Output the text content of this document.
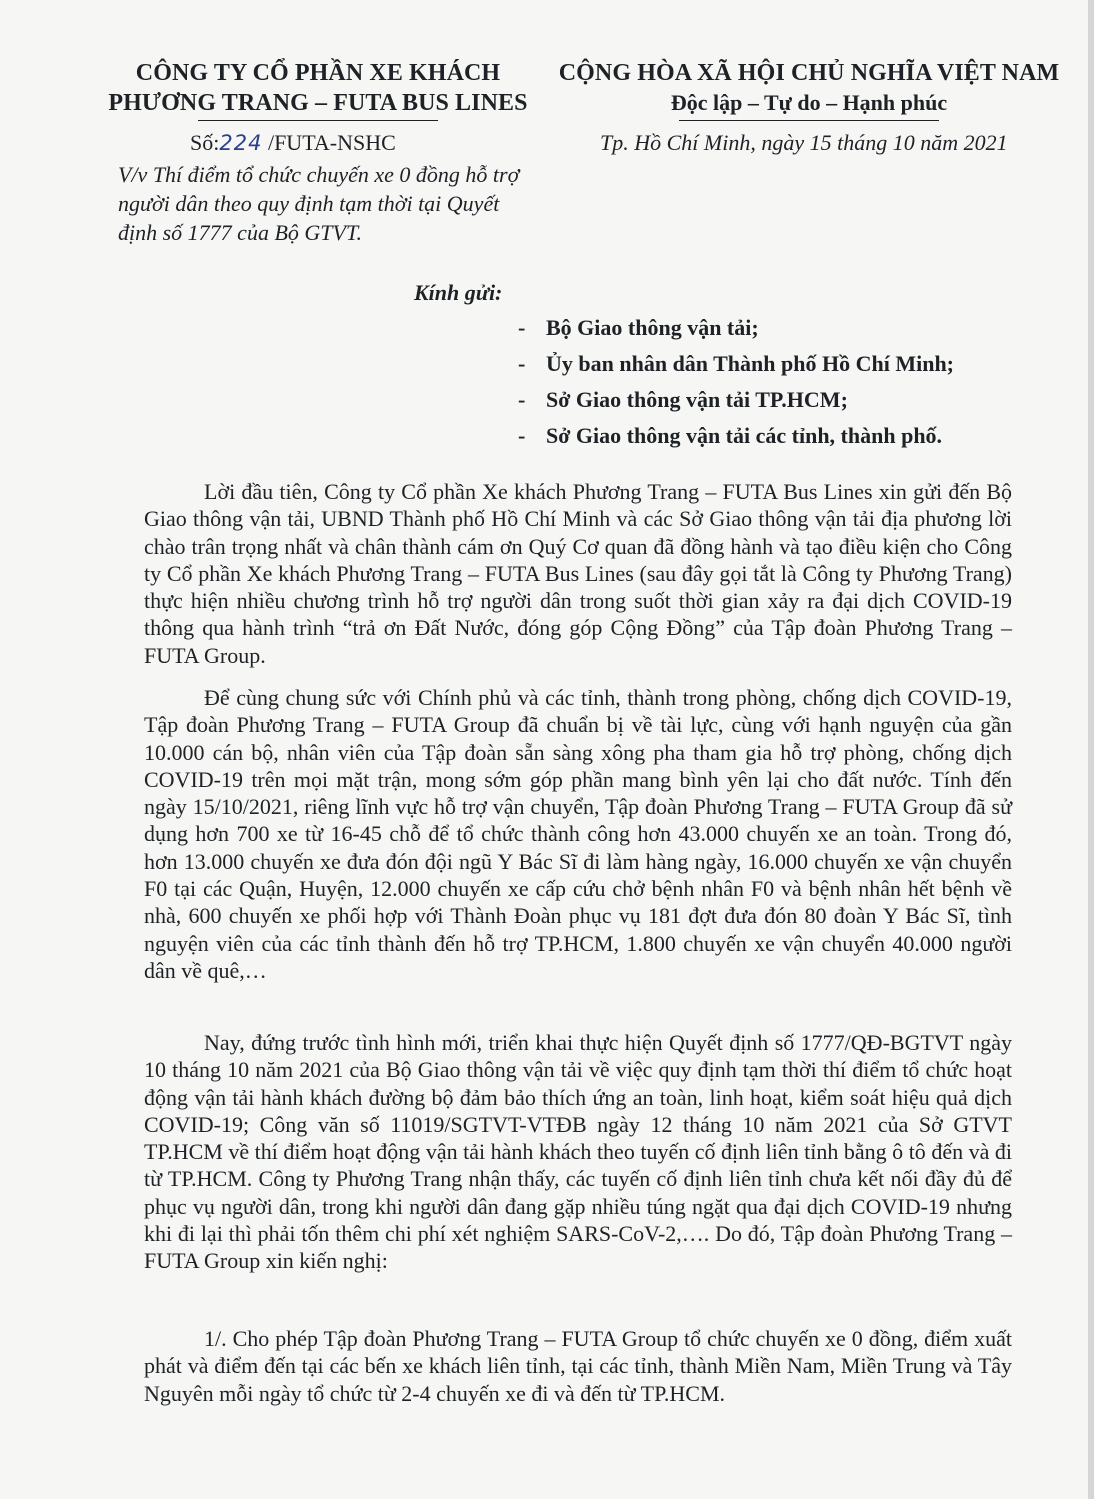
CÔNG TY CỔ PHẦN XE KHÁCH

PHƯƠNG TRANG – FUTA BUS LINES

CỘNG HÒA XÃ HỘI CHỦ NGHĨA VIỆT NAM

Độc lập – Tự do – Hạnh phúc

Số:224 /FUTA-NSHC	Tp. Hồ Chí Minh, ngày 15 tháng 10 năm 2021

V/v Thí điểm tổ chức chuyến xe 0 đồng hỗ trợ người dân theo quy định tạm thời tại Quyết định số 1777 của Bộ GTVT.

Kính gửi:

- Bộ Giao thông vận tải;
- Ủy ban nhân dân Thành phố Hồ Chí Minh;
- Sở Giao thông vận tải TP.HCM;
- Sở Giao thông vận tải các tỉnh, thành phố.

Lời đầu tiên, Công ty Cổ phần Xe khách Phương Trang – FUTA Bus Lines xin gửi đến Bộ Giao thông vận tải, UBND Thành phố Hồ Chí Minh và các Sở Giao thông vận tải địa phương lời chào trân trọng nhất và chân thành cám ơn Quý Cơ quan đã đồng hành và tạo điều kiện cho Công ty Cổ phần Xe khách Phương Trang – FUTA Bus Lines (sau đây gọi tắt là Công ty Phương Trang) thực hiện nhiều chương trình hỗ trợ người dân trong suốt thời gian xảy ra đại dịch COVID-19 thông qua hành trình “trả ơn Đất Nước, đóng góp Cộng Đồng” của Tập đoàn Phương Trang – FUTA Group.

Để cùng chung sức với Chính phủ và các tỉnh, thành trong phòng, chống dịch COVID-19, Tập đoàn Phương Trang – FUTA Group đã chuẩn bị về tài lực, cùng với hạnh nguyện của gần 10.000 cán bộ, nhân viên của Tập đoàn sẵn sàng xông pha tham gia hỗ trợ phòng, chống dịch COVID-19 trên mọi mặt trận, mong sớm góp phần mang bình yên lại cho đất nước. Tính đến ngày 15/10/2021, riêng lĩnh vực hỗ trợ vận chuyển, Tập đoàn Phương Trang – FUTA Group đã sử dụng hơn 700 xe từ 16-45 chỗ để tổ chức thành công hơn 43.000 chuyến xe an toàn. Trong đó, hơn 13.000 chuyến xe đưa đón đội ngũ Y Bác Sĩ đi làm hàng ngày, 16.000 chuyến xe vận chuyển F0 tại các Quận, Huyện, 12.000 chuyến xe cấp cứu chở bệnh nhân F0 và bệnh nhân hết bệnh về nhà, 600 chuyến xe phối hợp với Thành Đoàn phục vụ 181 đợt đưa đón 80 đoàn Y Bác Sĩ, tình nguyện viên của các tỉnh thành đến hỗ trợ TP.HCM, 1.800 chuyến xe vận chuyển 40.000 người dân về quê,…

Nay, đứng trước tình hình mới, triển khai thực hiện Quyết định số 1777/QĐ-BGTVT ngày 10 tháng 10 năm 2021 của Bộ Giao thông vận tải về việc quy định tạm thời thí điểm tổ chức hoạt động vận tải hành khách đường bộ đảm bảo thích ứng an toàn, linh hoạt, kiểm soát hiệu quả dịch COVID-19; Công văn số 11019/SGTVT-VTĐB ngày 12 tháng 10 năm 2021 của Sở GTVT TP.HCM về thí điểm hoạt động vận tải hành khách theo tuyến cố định liên tỉnh bằng ô tô đến và đi từ TP.HCM. Công ty Phương Trang nhận thấy, các tuyến cố định liên tỉnh chưa kết nối đầy đủ để phục vụ người dân, trong khi người dân đang gặp nhiều túng ngặt qua đại dịch COVID-19 nhưng khi đi lại thì phải tốn thêm chi phí xét nghiệm SARS-CoV-2,…. Do đó, Tập đoàn Phương Trang – FUTA Group xin kiến nghị:

1/. Cho phép Tập đoàn Phương Trang – FUTA Group tổ chức chuyến xe 0 đồng, điểm xuất phát và điểm đến tại các bến xe khách liên tỉnh, tại các tỉnh, thành Miền Nam, Miền Trung và Tây Nguyên mỗi ngày tổ chức từ 2-4 chuyến xe đi và đến từ TP.HCM.
